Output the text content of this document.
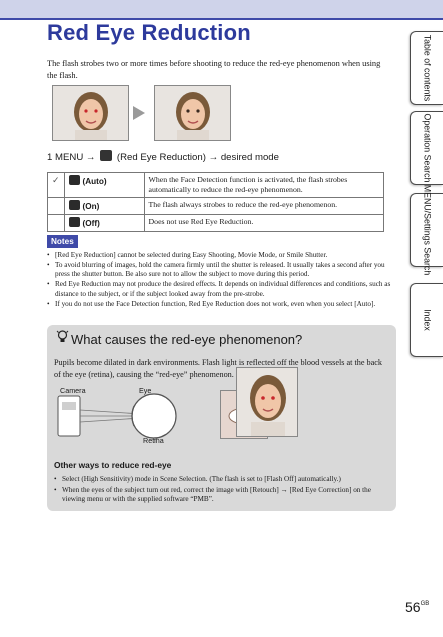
Red Eye Reduction

The flash strobes two or more times before shooting to reduce the red-eye phenomenon when using the flash.

1 MENU → (Red Eye Reduction) → desired mode
✓	(Auto)	When the Face Detection function is activated, the flash strobes automatically to reduce the red-eye phenomenon.
	(On)	The flash always strobes to reduce the red-eye phenomenon.
	(Off)	Does not use Red Eye Reduction.
Notes
• [Red Eye Reduction] cannot be selected during Easy Shooting, Movie Mode, or Smile Shutter.
• To avoid blurring of images, hold the camera firmly until the shutter is released. It usually takes a second after you press the shutter button. Be also sure not to allow the subject to move during this period.
• Red Eye Reduction may not produce the desired effects. It depends on individual differences and conditions, such as distance to the subject, or if the subject looked away from the pre-strobe.
• If you do not use the Face Detection function, Red Eye Reduction does not work, even when you select [Auto].
What causes the red-eye phenomenon?

Pupils become dilated in dark environments. Flash light is reflected off the blood vessels at the back of the eye (retina), causing the “red-eye” phenomenon.

Camera	Eye
Retina
Other ways to reduce red-eye
• Select (High Sensitivity) mode in Scene Selection. (The flash is set to [Flash Off] automatically.)
• When the eyes of the subject turn out red, correct the image with [Retouch] → [Red Eye Correction] on the viewing menu or with the supplied software “PMB”.
Table of contents
Operation Search
MENU/Settings Search
Index
$56^{GB}$
